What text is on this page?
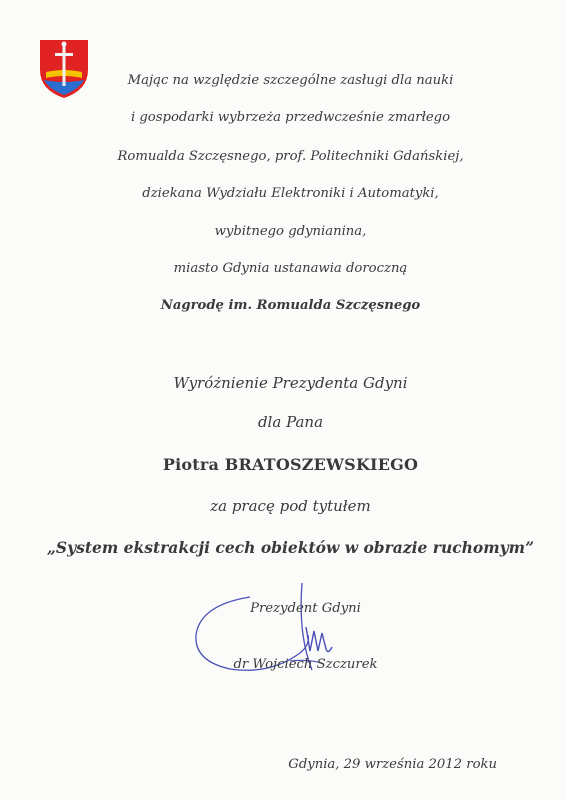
Mając na względzie szczególne zasługi dla nauki
i gospodarki wybrzeża przedwcześnie zmarłego
Romualda Szczęsnego, prof. Politechniki Gdańskiej,
dziekana Wydziału Elektroniki i Automatyki,
wybitnego gdynianina,
miasto Gdynia ustanawia doroczną
Nagrodę im. Romualda Szczęsnego
Wyróżnienie Prezydenta Gdyni
dla Pana
Piotra BRATOSZEWSKIEGO
za pracę pod tytułem
„System ekstrakcji cech obiektów w obrazie ruchomym”
Prezydent Gdyni
dr Wojciech Szczurek
Gdynia, 29 września 2012 roku
